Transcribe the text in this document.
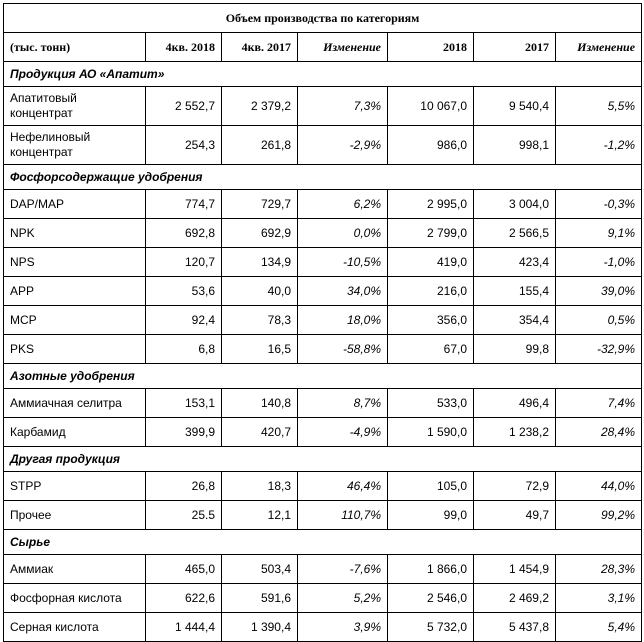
Объем производства по категориям						
(тыс. тонн)	4кв. 2018	4кв. 2017	Изменение	2018	2017	Изменение
Продукция АО «Апатит»						
Апатитовый концентрат	2 552,7	2 379,2	7,3%	10 067,0	9 540,4	5,5%
Нефелиновый концентрат	254,3	261,8	-2,9%	986,0	998,1	-1,2%
Фосфорсодержащие удобрения						
DAP/MAP	774,7	729,7	6,2%	2 995,0	3 004,0	-0,3%
NPK	692,8	692,9	0,0%	2 799,0	2 566,5	9,1%
NPS	120,7	134,9	-10,5%	419,0	423,4	-1,0%
APP	53,6	40,0	34,0%	216,0	155,4	39,0%
MCP	92,4	78,3	18,0%	356,0	354,4	0,5%
PKS	6,8	16,5	-58,8%	67,0	99,8	-32,9%
Азотные удобрения						
Аммиачная селитра	153,1	140,8	8,7%	533,0	496,4	7,4%
Карбамид	399,9	420,7	-4,9%	1 590,0	1 238,2	28,4%
Другая продукция						
STPP	26,8	18,3	46,4%	105,0	72,9	44,0%
Прочее	25.5	12,1	110,7%	99,0	49,7	99,2%
Сырье						
Аммиак	465,0	503,4	-7,6%	1 866,0	1 454,9	28,3%
Фосфорная кислота	622,6	591,6	5,2%	2 546,0	2 469,2	3,1%
Серная кислота	1 444,4	1 390,4	3,9%	5 732,0	5 437,8	5,4%
